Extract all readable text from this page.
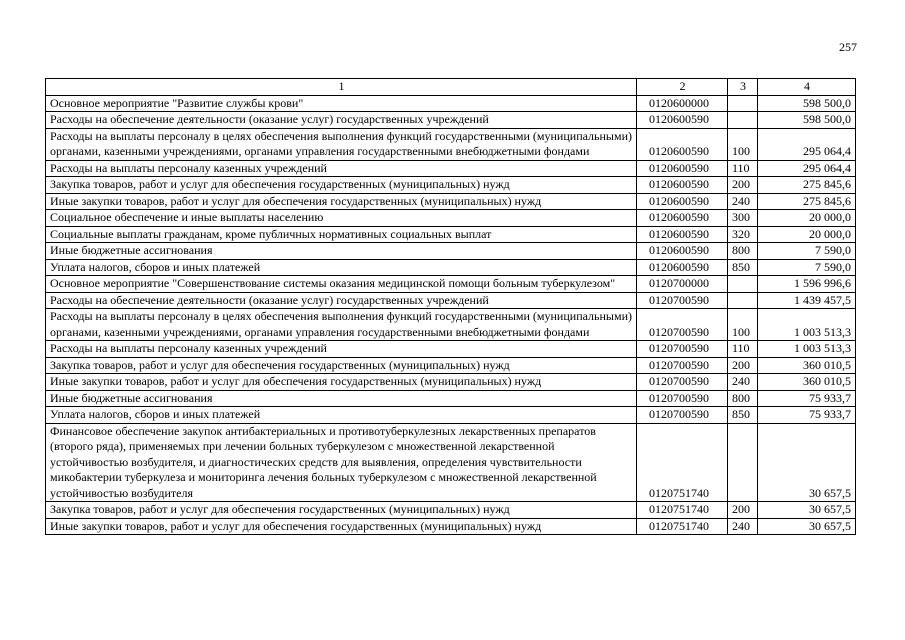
257
1	2	3	4
Основное мероприятие "Развитие службы крови"	0120600000		598 500,0
Расходы на обеспечение деятельности (оказание услуг) государственных учреждений	0120600590		598 500,0
Расходы на выплаты персоналу в целях обеспечения выполнения функций государственными (муниципальными) органами, казенными учреждениями, органами управления государственными внебюджетными фондами	0120600590	100	295 064,4
Расходы на выплаты персоналу казенных учреждений	0120600590	110	295 064,4
Закупка товаров, работ и услуг для обеспечения государственных (муниципальных) нужд	0120600590	200	275 845,6
Иные закупки товаров, работ и услуг для обеспечения государственных (муниципальных) нужд	0120600590	240	275 845,6
Социальное обеспечение и иные выплаты населению	0120600590	300	20 000,0
Социальные выплаты гражданам, кроме публичных нормативных социальных выплат	0120600590	320	20 000,0
Иные бюджетные ассигнования	0120600590	800	7 590,0
Уплата налогов, сборов и иных платежей	0120600590	850	7 590,0
Основное мероприятие "Совершенствование системы оказания медицинской помощи больным туберкулезом"	0120700000		1 596 996,6
Расходы на обеспечение деятельности (оказание услуг) государственных учреждений	0120700590		1 439 457,5
Расходы на выплаты персоналу в целях обеспечения выполнения функций государственными (муниципальными) органами, казенными учреждениями, органами управления государственными внебюджетными фондами	0120700590	100	1 003 513,3
Расходы на выплаты персоналу казенных учреждений	0120700590	110	1 003 513,3
Закупка товаров, работ и услуг для обеспечения государственных (муниципальных) нужд	0120700590	200	360 010,5
Иные закупки товаров, работ и услуг для обеспечения государственных (муниципальных) нужд	0120700590	240	360 010,5
Иные бюджетные ассигнования	0120700590	800	75 933,7
Уплата налогов, сборов и иных платежей	0120700590	850	75 933,7
Финансовое обеспечение закупок антибактериальных и противотуберкулезных лекарственных препаратов (второго ряда), применяемых при лечении больных туберкулезом с множественной лекарственной устойчивостью возбудителя, и диагностических средств для выявления, определения чувствительности микобактерии туберкулеза и мониторинга лечения больных туберкулезом с множественной лекарственной устойчивостью возбудителя	0120751740		30 657,5
Закупка товаров, работ и услуг для обеспечения государственных (муниципальных) нужд	0120751740	200	30 657,5
Иные закупки товаров, работ и услуг для обеспечения государственных (муниципальных) нужд	0120751740	240	30 657,5
